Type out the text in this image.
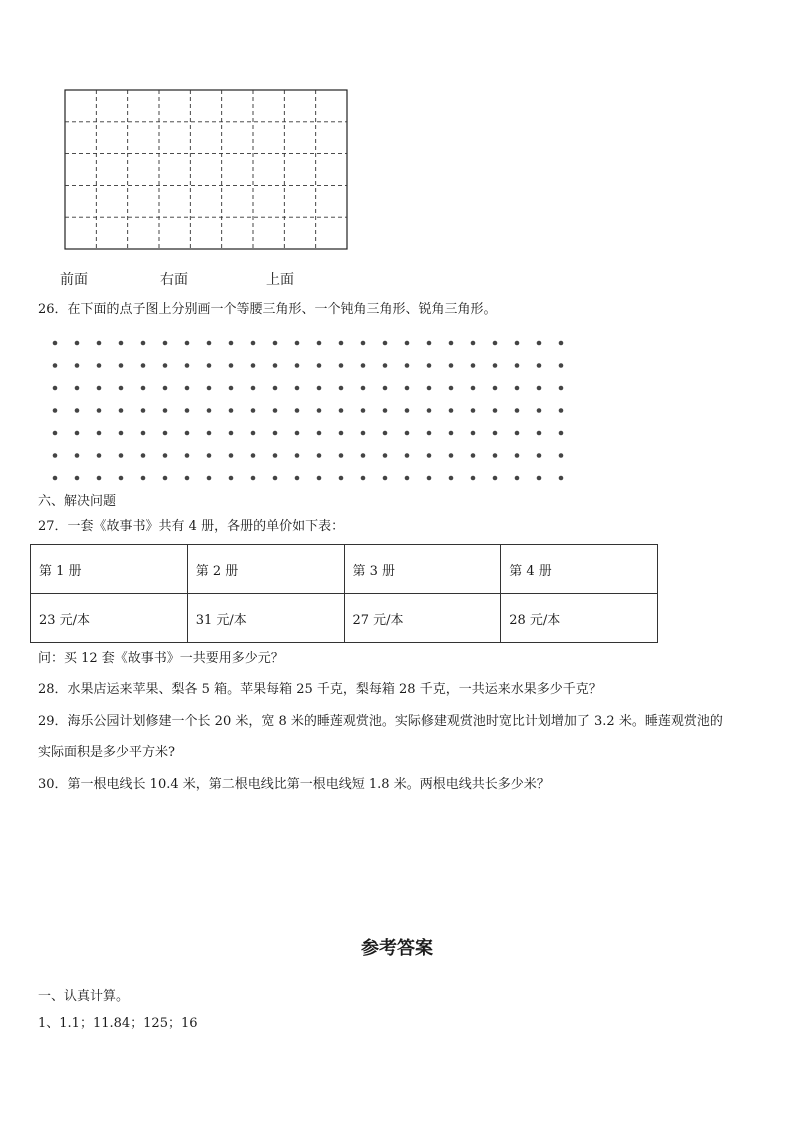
前面	右面	上面
26．在下面的点子图上分别画一个等腰三角形、一个钝角三角形、锐角三角形。
六、解决问题
27．一套《故事书》共有 4 册，各册的单价如下表：
第 1 册	第 2 册	第 3 册	第 4 册
23 元/本	31 元/本	27 元/本	28 元/本
问：买 12 套《故事书》一共要用多少元？
28．水果店运来苹果、梨各 5 箱。苹果每箱 25 千克，梨每箱 28 千克，一共运来水果多少千克？
29．海乐公园计划修建一个长 20 米，宽 8 米的睡莲观赏池。实际修建观赏池时宽比计划增加了 3.2 米。睡莲观赏池的
实际面积是多少平方米?
30．第一根电线长 10.4 米，第二根电线比第一根电线短 1.8 米。两根电线共长多少米？
参考答案
一、认真计算。
1、1.1；11.84；125；16
